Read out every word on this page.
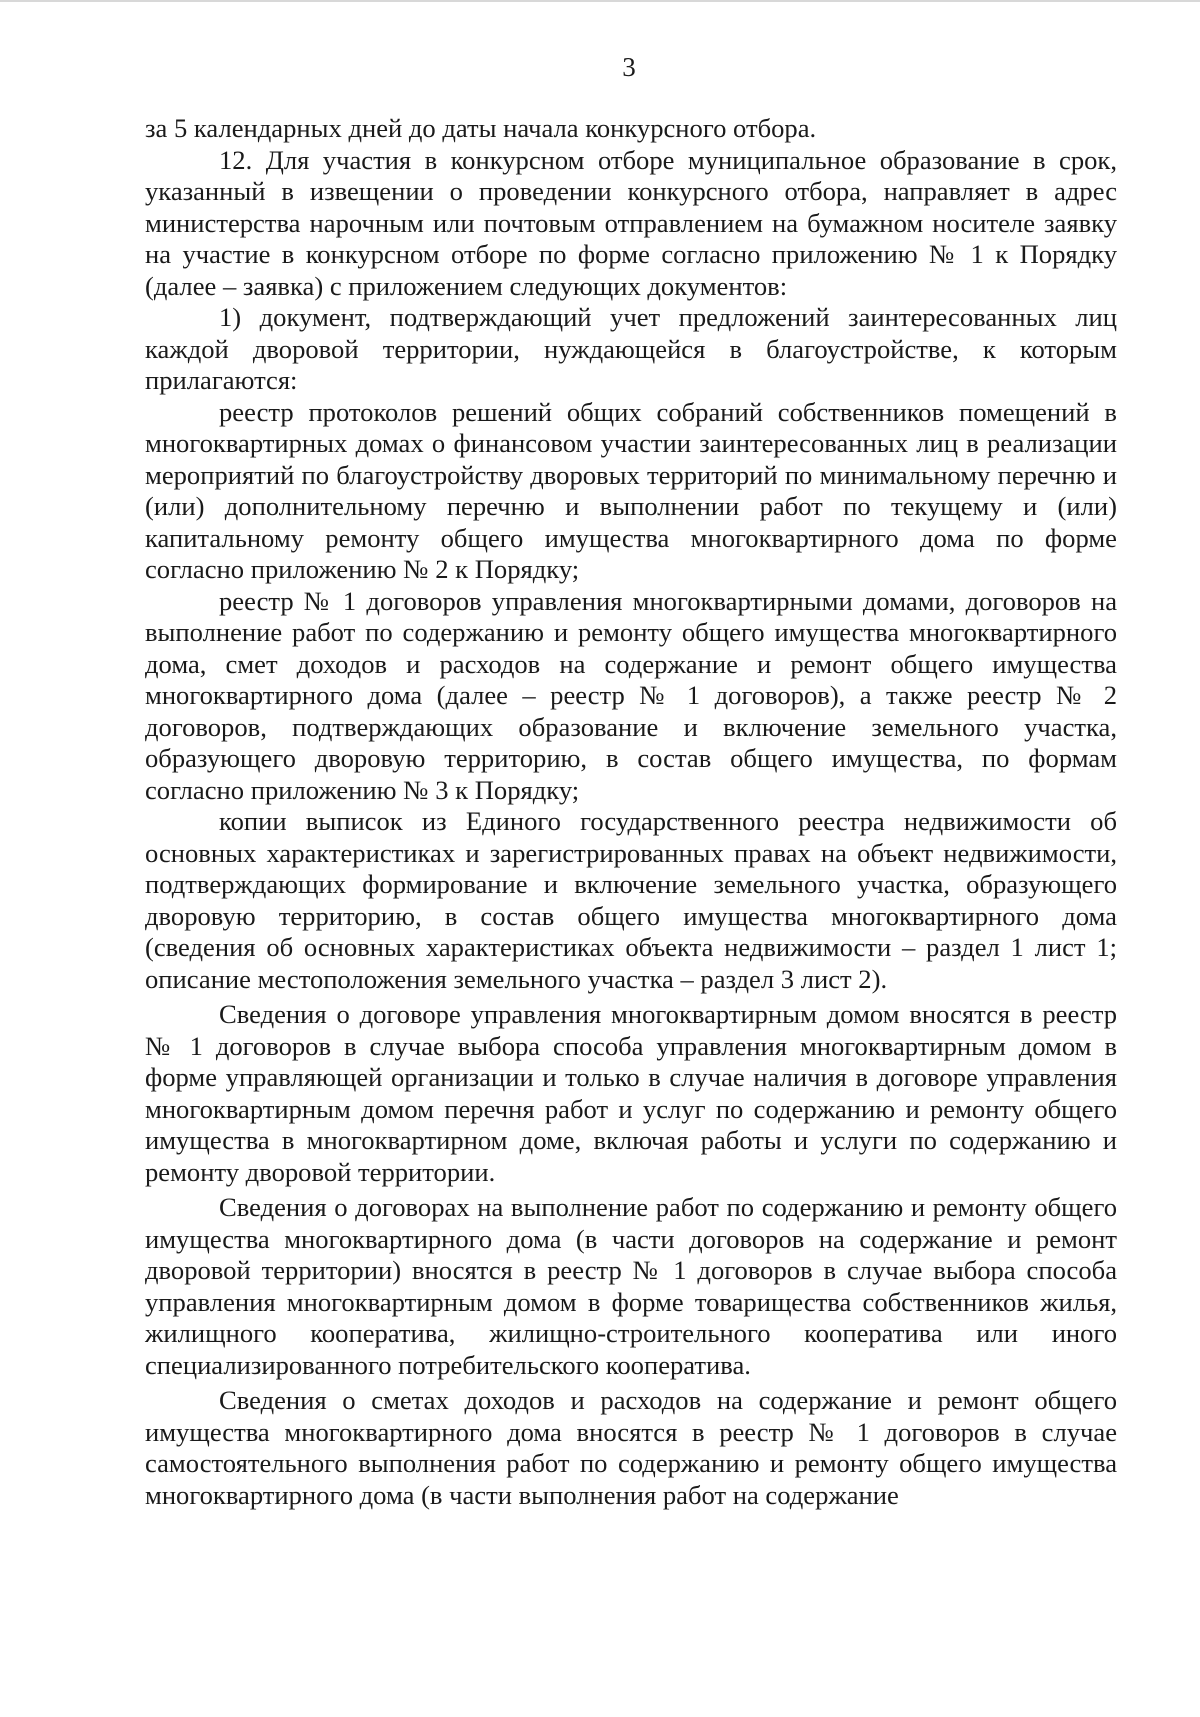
3

за 5 календарных дней до даты начала конкурсного отбора.

12. Для участия в конкурсном отборе муниципальное образование в срок, указанный в извещении о проведении конкурсного отбора, направляет в адрес министерства нарочным или почтовым отправлением на бумажном носителе заявку на участие в конкурсном отборе по форме согласно приложению № 1 к Порядку (далее – заявка) с приложением следующих документов:

1) документ, подтверждающий учет предложений заинтересованных лиц каждой дворовой территории, нуждающейся в благоустройстве, к которым прилагаются:

реестр протоколов решений общих собраний собственников помещений в многоквартирных домах о финансовом участии заинтересованных лиц в реализации мероприятий по благоустройству дворовых территорий по минимальному перечню и (или) дополнительному перечню и выполнении работ по текущему и (или) капитальному ремонту общего имущества многоквартирного дома по форме согласно приложению № 2 к Порядку;

реестр № 1 договоров управления многоквартирными домами, договоров на выполнение работ по содержанию и ремонту общего имущества многоквартирного дома, смет доходов и расходов на содержание и ремонт общего имущества многоквартирного дома (далее – реестр № 1 договоров), а также реестр № 2 договоров, подтверждающих образование и включение земельного участка, образующего дворовую территорию, в состав общего имущества, по формам согласно приложению № 3 к Порядку;

копии выписок из Единого государственного реестра недвижимости об основных характеристиках и зарегистрированных правах на объект недвижимости, подтверждающих формирование и включение земельного участка, образующего дворовую территорию, в состав общего имущества многоквартирного дома (сведения об основных характеристиках объекта недвижимости – раздел 1 лист 1; описание местоположения земельного участка – раздел 3 лист 2).

Сведения о договоре управления многоквартирным домом вносятся в реестр № 1 договоров в случае выбора способа управления многоквартирным домом в форме управляющей организации и только в случае наличия в договоре управления многоквартирным домом перечня работ и услуг по содержанию и ремонту общего имущества в многоквартирном доме, включая работы и услуги по содержанию и ремонту дворовой территории.

Сведения о договорах на выполнение работ по содержанию и ремонту общего имущества многоквартирного дома (в части договоров на содержание и ремонт дворовой территории) вносятся в реестр № 1 договоров в случае выбора способа управления многоквартирным домом в форме товарищества собственников жилья, жилищного кооператива, жилищно-строительного кооператива или иного специализированного потребительского кооператива.

Сведения о сметах доходов и расходов на содержание и ремонт общего имущества многоквартирного дома вносятся в реестр № 1 договоров в случае самостоятельного выполнения работ по содержанию и ремонту общего имущества многоквартирного дома (в части выполнения работ на содержание
